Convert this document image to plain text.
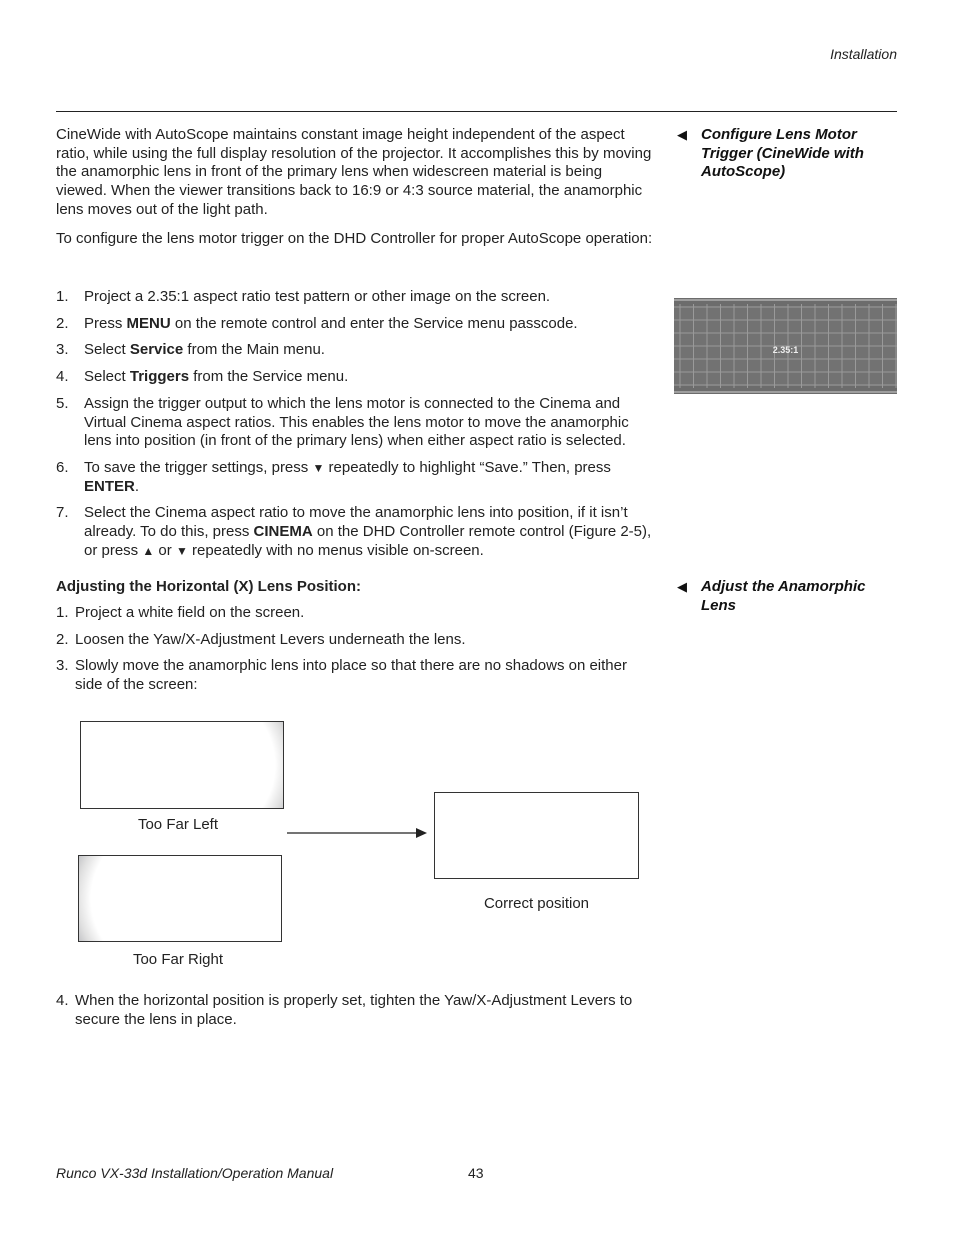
Installation

CineWide with AutoScope maintains constant image height independent of the aspect ratio, while using the full display resolution of the projector. It accomplishes this by moving the anamorphic lens in front of the primary lens when widescreen material is being viewed. When the viewer transitions back to 16:9 or 4:3 source material, the anamorphic lens moves out of the light path.

To configure the lens motor trigger on the DHD Controller for proper AutoScope operation:

◀ Configure Lens Motor Trigger (CineWide with AutoScope)
2.35:1
1. Project a 2.35:1 aspect ratio test pattern or other image on the screen.
2. Press MENU on the remote control and enter the Service menu passcode.
3. Select Service from the Main menu.
4. Select Triggers from the Service menu.
5. Assign the trigger output to which the lens motor is connected to the Cinema and Virtual Cinema aspect ratios. This enables the lens motor to move the anamorphic lens into position (in front of the primary lens) when either aspect ratio is selected.
6. To save the trigger settings, press ▼ repeatedly to highlight “Save.” Then, press ENTER.
7. Select the Cinema aspect ratio to move the anamorphic lens into position, if it isn’t already. To do this, press CINEMA on the DHD Controller remote control (Figure 2-5), or press ▲ or ▼ repeatedly with no menus visible on-screen.
Adjusting the Horizontal (X) Lens Position:	◀ Adjust the Anamorphic Lens
1. Project a white field on the screen.
2. Loosen the Yaw/X-Adjustment Levers underneath the lens.
3. Slowly move the anamorphic lens into place so that there are no shadows on either side of the screen:
Too Far Left
Too Far Right
Correct position
4. When the horizontal position is properly set, tighten the Yaw/X-Adjustment Levers to secure the lens in place.
Runco VX-33d Installation/Operation Manual	43
